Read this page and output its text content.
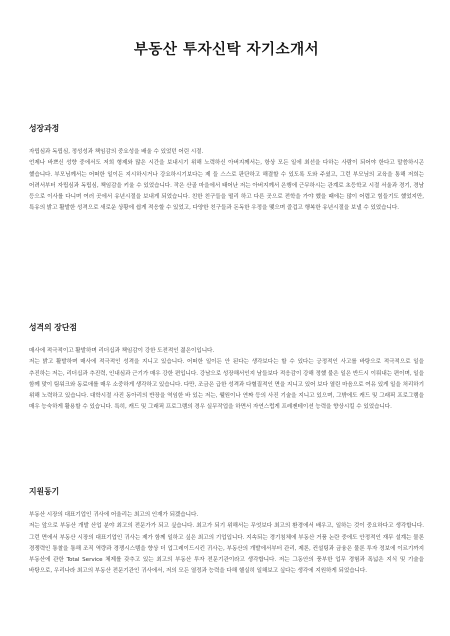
부동산 투자신탁 자기소개서
성장과정

자립심과 독립심, 정성성과 책임감의 중요성을 배울 수 있었던 어린 시절.

언제나 바쁘신 성향 중에서도 저희 형제와 많은 시간을 보내시기 위해 노력하신 아버지께서는, 항상 모든 일에 최선을 다하는 사람이 되어야 한다고 말씀하시곤 했습니다. 부모님께서는 어떠한 일이든 지시하시거나 강요하시기보다는 제 들 스스로 판단하고 해결할 수 있도록 도와 주셨고, 그런 부모님의 교육을 통해 저희는 어려서부터 자립심과 독립심, 책임감을 키울 수 있었습니다. 작은 산골 마을에서 태어난 저는 아버지께서 은행에 근무하시는 관계로 초등학교 시절 서울과 경기, 경남 등으로 이사를 다니며 여러 곳에서 유년시절을 보내게 되었습니다. 친한 친구들을 떨리 하고 다른 곳으로 전학을 가야 했을 때에는 많이 어렵고 힘들기도 했었지만, 특유의 밝고 활발한 성격으로 새로운 상황에 쉽게 적응할 수 있었고, 다양한 친구들과 돈독한 우정을 맺으며 즐겁고 행복한 유년시절을 보낼 수 있었습니다.

성격의 장단점

매사에 적극적이고 활발하며 리더십과 책임감이 강한 도전적인 젊은이입니다.

저는 밝고 활발하며 매사에 적극적인 성격을 지니고 있습니다. 어떠한 일이든 안 된다는 생각보다는 할 수 있다는 긍정적인 사고를 바탕으로 적극적으로 일을 추진하는 저는, 리더십과 추진력, 인내심과 근기가 매우 강한 편입니다. 강남으로 성장해서인지 남들보다 적응감이 강해 정했 불은 일은 반드시 이뤄내는 편이며, 일을 함께 맞이 팀워크와 동료애를 매우 소중하게 생각하고 있습니다. 다만, 조금은 급한 성격과 다혈질적인 면을 지니고 있어 보다 열린 마음으로 여유 있게 일을 처리하기 위해 노력하고 있습니다. 대학시절 사진 동아리의 반장을 역임한 바 있는 저는, 웰원이나 연짜 등의 사진 기술을 지니고 있으며, 그밖에도 캐드 및 그래픽 프로그램을 매우 능숙하게 활용할 수 있습니다. 특히, 캐드 및 그래픽 프로그램의 경우 실무작업을 하면서 자연스럽게 프레젠테이션 능력을 향상시킬 수 있었습니다.

지원동기

부동산 시장의 대표기업인 귀사에 어울리는 최고의 인재가 되겠습니다.

저는 앞으로 부동산 개발 산업 분야 최고의 전문가가 되고 싶습니다. 최고가 되기 위해서는 무엇보다 최고의 환경에서 배우고, 일하는 것이 중요하다고 생각합니다. 그런 면에서 부동산 시장의 대표기업인 귀사는 제가 함께 일하고 싶은 최고의 기업입니다. 지속되는 경기침체에 부동산 거품 논란 중에도 안정적인 재무 설계는 물론 경쟁력인 통찰을 통해 조직 역량과 경쟁시스템을 향상 더 업그레이드시킨 귀사는, 부동산의 개발에서부터 관리, 제론, 컨설팅과 금융은 물론 투자 정보에 이르기까지 부동산에 관한 Total Service 체제를 갖추고 있는 최고의 부동산 투자 전문기관이라고 생각합니다. 저는 그동안의 풍부한 업무 경험과 폭넓은 지식 및 기술을 바탕으로, 우리나라 최고의 부동산 전문기관인 귀사에서, 저의 모든 열정과 능력을 다해 헬실히 일해보고 싶다는 생각에 지원하게 되었습니다.
